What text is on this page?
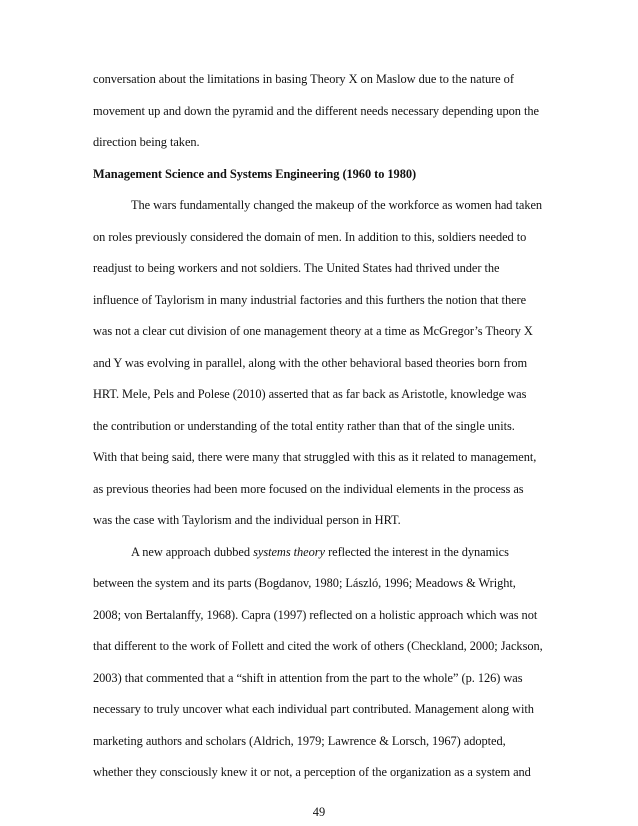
conversation about the limitations in basing Theory X on Maslow due to the nature of
movement up and down the pyramid and the different needs necessary depending upon the
direction being taken.
Management Science and Systems Engineering (1960 to 1980)
The wars fundamentally changed the makeup of the workforce as women had taken
on roles previously considered the domain of men. In addition to this, soldiers needed to
readjust to being workers and not soldiers. The United States had thrived under the
influence of Taylorism in many industrial factories and this furthers the notion that there
was not a clear cut division of one management theory at a time as McGregor’s Theory X
and Y was evolving in parallel, along with the other behavioral based theories born from
HRT. Mele, Pels and Polese (2010) asserted that as far back as Aristotle, knowledge was
the contribution or understanding of the total entity rather than that of the single units.
With that being said, there were many that struggled with this as it related to management,
as previous theories had been more focused on the individual elements in the process as
was the case with Taylorism and the individual person in HRT.
A new approach dubbed systems theory reflected the interest in the dynamics
between the system and its parts (Bogdanov, 1980; László, 1996; Meadows & Wright,
2008; von Bertalanffy, 1968). Capra (1997) reflected on a holistic approach which was not
that different to the work of Follett and cited the work of others (Checkland, 2000; Jackson,
2003) that commented that a “shift in attention from the part to the whole” (p. 126) was
necessary to truly uncover what each individual part contributed. Management along with
marketing authors and scholars (Aldrich, 1979; Lawrence & Lorsch, 1967) adopted,
whether they consciously knew it or not, a perception of the organization as a system and
49
